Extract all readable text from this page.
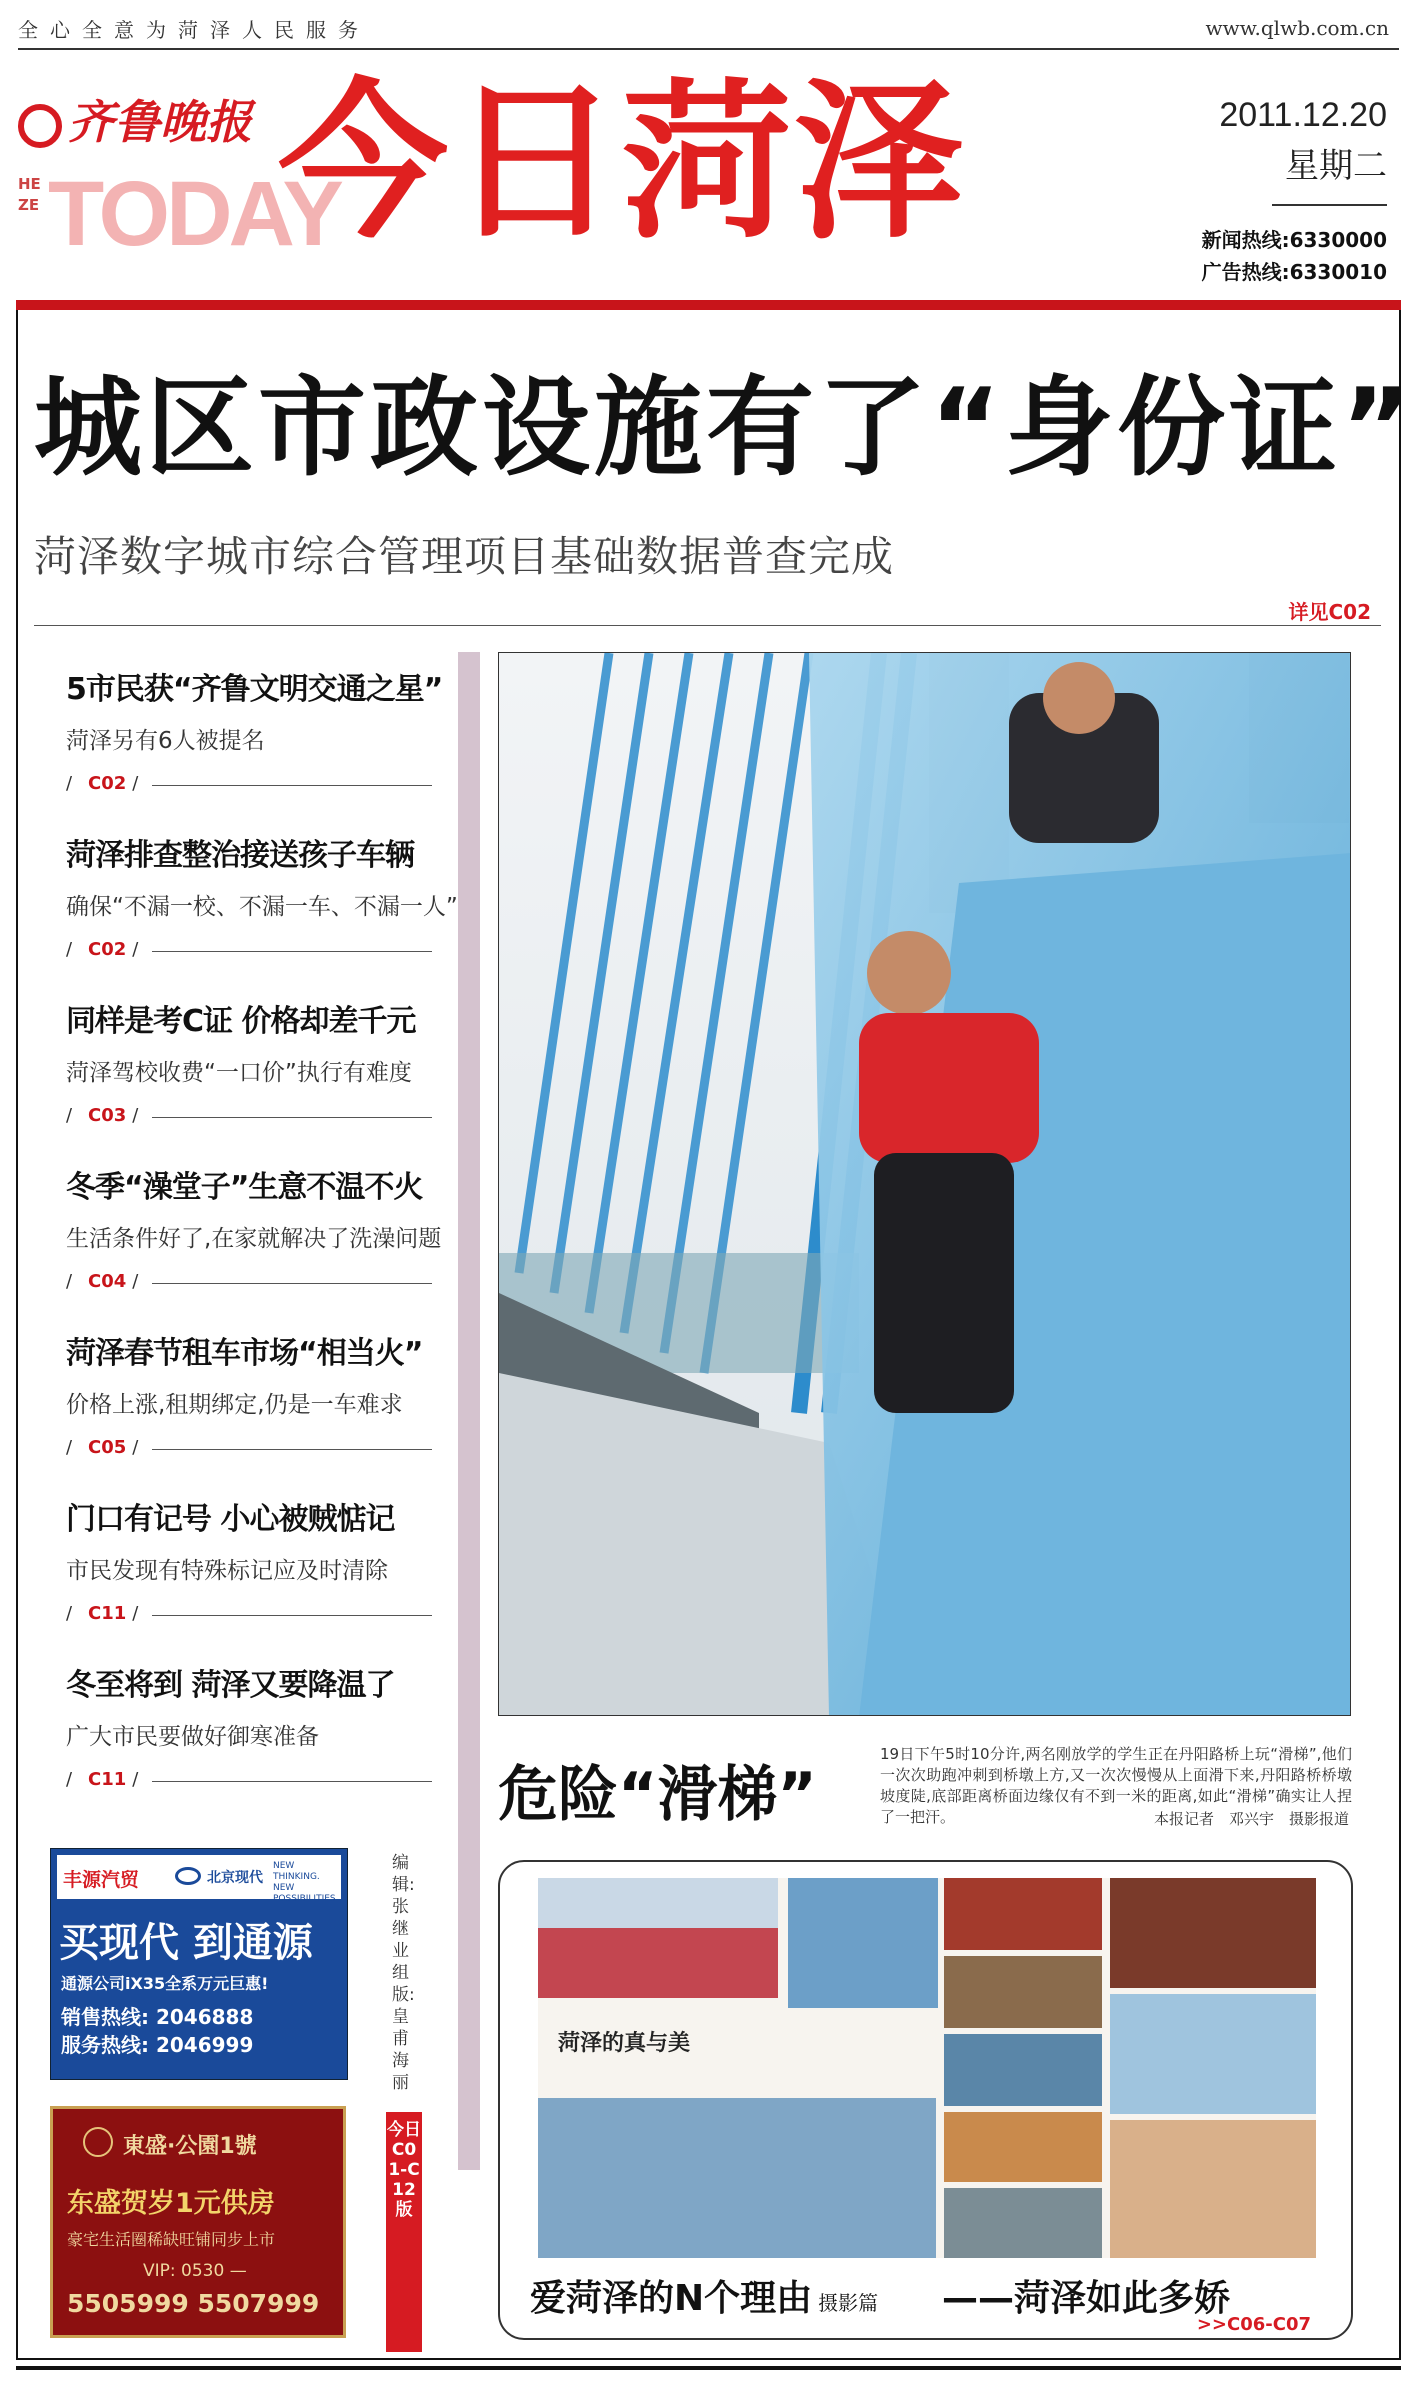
全心全意为菏泽人民服务	www.qlwb.com.cn
齐鲁晚报
TODAY
HEZE 今日菏泽	2011.12.20
星期二
新闻热线:6330000
广告热线:6330010
城区市政设施有了“身份证”
菏泽数字城市综合管理项目基础数据普查完成
详见C02
5市民获“齐鲁文明交通之星”
菏泽另有6人被提名
/ C02 /
菏泽排查整治接送孩子车辆
确保“不漏一校、不漏一车、不漏一人”
/ C02 /
同样是考C证 价格却差千元
菏泽驾校收费“一口价”执行有难度
/ C03 /
冬季“澡堂子”生意不温不火
生活条件好了,在家就解决了洗澡问题
/ C04 /
菏泽春节租车市场“相当火”
价格上涨,租期绑定,仍是一车难求
/ C05 /
门口有记号 小心被贼惦记
市民发现有特殊标记应及时清除
/ C11 /
冬至将到 菏泽又要降温了
广大市民要做好御寒准备
/ C11 /	危险“滑梯”
19日下午5时10分许,两名刚放学的学生正在丹阳路桥上玩“滑梯”,他们一次次助跑冲刺到桥墩上方,又一次次慢慢从上面滑下来,丹阳路桥桥墩坡度陡,底部距离桥面边缘仅有不到一米的距离,如此“滑梯”确实让人捏了一把汗。	本报记者　邓兴宇　摄影报道
菏泽的真与美
爱菏泽的N个理由 摄影篇 ——菏泽如此多娇
>>C06-C07
丰源汽贸	北京现代
NEW THINKING. NEW POSSIBILITIES.
买现代 到通源
通源公司iX35全系万元巨惠!
销售热线: 2046888
服务热线: 2046999
東盛·公園1號
东盛贺岁1元供房
豪宅生活圈稀缺旺铺同步上市
VIP: 0530 —
5505999 5507999
编辑:张继业 组版:皇甫海丽
今日C01-C12版
